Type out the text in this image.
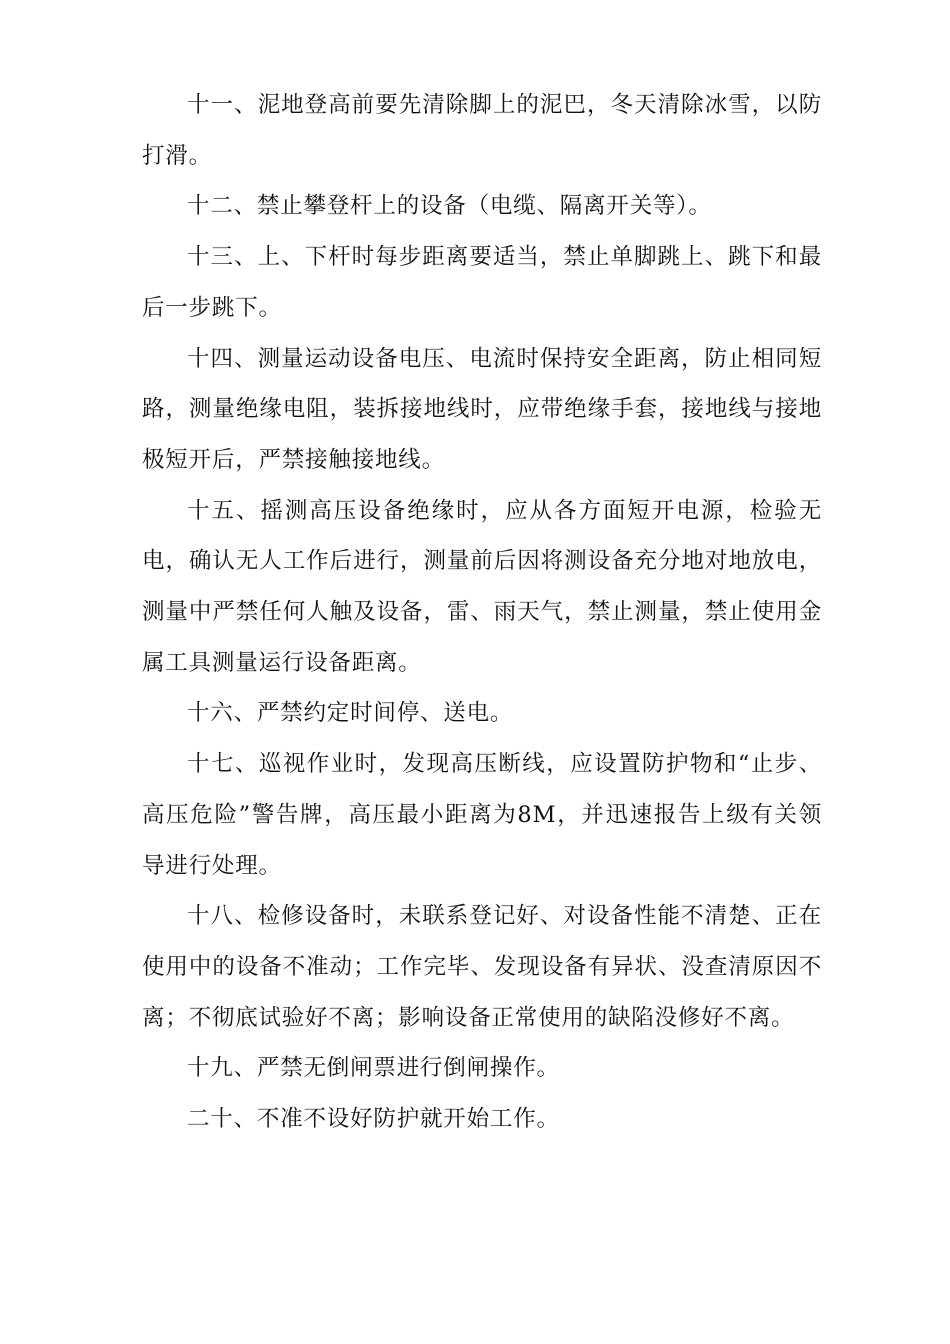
十一、泥地登高前要先清除脚上的泥巴，冬天清除冰雪，以防打滑。

十二、禁止攀登杆上的设备（电缆、隔离开关等）。

十三、上、下杆时每步距离要适当，禁止单脚跳上、跳下和最后一步跳下。

十四、测量运动设备电压、电流时保持安全距离，防止相同短路，测量绝缘电阻，装拆接地线时，应带绝缘手套，接地线与接地极短开后，严禁接触接地线。

十五、摇测高压设备绝缘时，应从各方面短开电源，检验无电，确认无人工作后进行，测量前后因将测设备充分地对地放电，测量中严禁任何人触及设备，雷、雨天气，禁止测量，禁止使用金属工具测量运行设备距离。

十六、严禁约定时间停、送电。

十七、巡视作业时，发现高压断线，应设置防护物和“止步、高压危险”警告牌，高压最小距离为8M，并迅速报告上级有关领导进行处理。

十八、检修设备时，未联系登记好、对设备性能不清楚、正在使用中的设备不准动；工作完毕、发现设备有异状、没查清原因不离；不彻底试验好不离；影响设备正常使用的缺陷没修好不离。

十九、严禁无倒闸票进行倒闸操作。

二十、不准不设好防护就开始工作。
